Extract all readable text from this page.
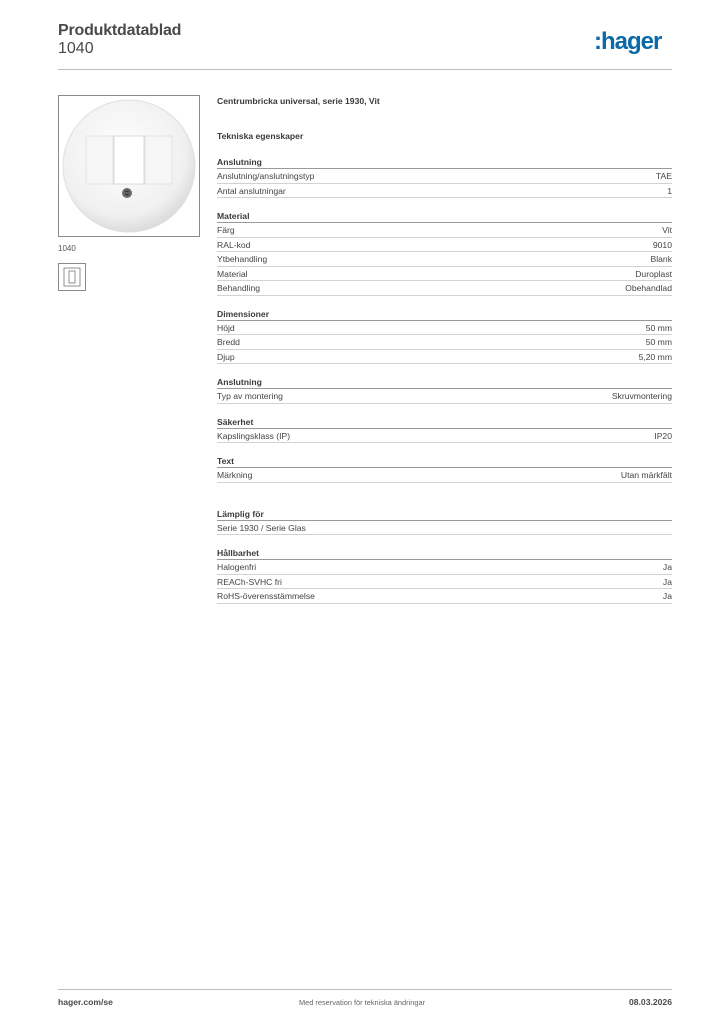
Produktdatablad
1040	:hager
1040
Centrumbricka universal, serie 1930, Vit
Tekniska egenskaper
Anslutning
Anslutning/anslutningstyp	TAE
Antal anslutningar	1
Material
Färg	Vit
RAL-kod	9010
Ytbehandling	Blank
Material	Duroplast
Behandling	Obehandlad
Dimensioner
Höjd	50 mm
Bredd	50 mm
Djup	5,20 mm
Anslutning
Typ av montering	Skruvmontering
Säkerhet
Kapslingsklass (IP)	IP20
Text
Märkning	Utan märkfält
Lämplig för
Serie 1930 / Serie Glas
Hållbarhet
Halogenfri	Ja
REACh-SVHC fri	Ja
RoHS-överensstämmelse	Ja
hager.com/se	Med reservation för tekniska ändringar	08.03.2026
